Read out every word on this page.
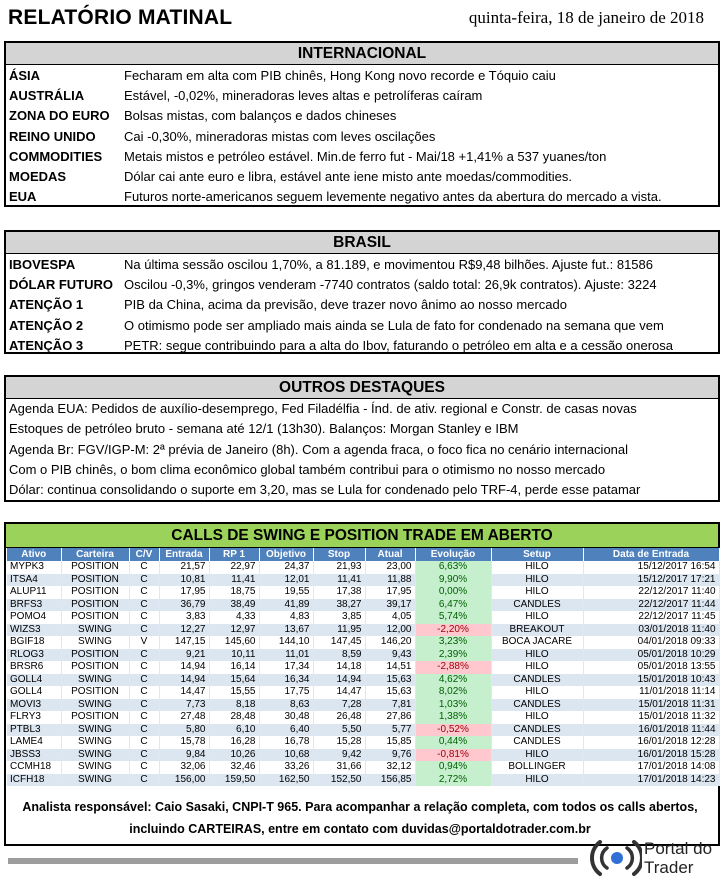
RELATÓRIO MATINAL	quinta-feira, 18 de janeiro de 2018
INTERNACIONAL
ÁSIA	Fecharam em alta com PIB chinês, Hong Kong novo recorde e Tóquio caiu
AUSTRÁLIA	Estável, -0,02%, mineradoras leves altas e petrolíferas caíram
ZONA DO EURO	Bolsas mistas, com balanços e dados chineses
REINO UNIDO	Cai -0,30%, mineradoras mistas com leves oscilações
COMMODITIES	Metais mistos e petróleo estável. Min.de ferro fut - Mai/18 +1,41% a 537 yuanes/ton
MOEDAS	Dólar cai ante euro e libra, estável ante iene misto ante moedas/commodities.
EUA	Futuros norte-americanos seguem levemente negativo antes da abertura do mercado a vista.
BRASIL
IBOVESPA	Na última sessão oscilou 1,70%, a 81.189, e movimentou R$9,48 bilhões. Ajuste fut.: 81586
DÓLAR FUTURO Oscilou -0,3%, gringos venderam -7740 contratos (saldo total: 26,9k contratos). Ajuste: 3224
ATENÇÃO 1	PIB da China, acima da previsão, deve trazer novo ânimo ao nosso mercado
ATENÇÃO 2	O otimismo pode ser ampliado mais ainda se Lula de fato for condenado na semana que vem
ATENÇÃO 3	PETR: segue contribuindo para a alta do Ibov, faturando o petróleo em alta e a cessão onerosa
OUTROS DESTAQUES
Agenda EUA: Pedidos de auxílio-desemprego, Fed Filadélfia - Índ. de ativ. regional e Constr. de casas novas
Estoques de petróleo bruto - semana até 12/1 (13h30). Balanços: Morgan Stanley e IBM
Agenda Br: FGV/IGP-M: 2ª prévia de Janeiro (8h). Com a agenda fraca, o foco fica no cenário internacional
Com o PIB chinês, o bom clima econômico global também contribui para o otimismo no nosso mercado
Dólar: continua consolidando o suporte em 3,20, mas se Lula for condenado pelo TRF-4, perde esse patamar
CALLS DE SWING E POSITION TRADE EM ABERTO
Ativo	Carteira	C/V	Entrada	RP 1	Objetivo	Stop	Atual	Evolução	Setup	Data de Entrada
MYPK3	POSITION	C	21,57	22,97	24,37	21,93	23,00	6,63%	HILO	15/12/2017 16:54
ITSA4	POSITION	C	10,81	11,41	12,01	11,41	11,88	9,90%	HILO	15/12/2017 17:21
ALUP11	POSITION	C	17,95	18,75	19,55	17,38	17,95	0,00%	HILO	22/12/2017 11:40
BRFS3	POSITION	C	36,79	38,49	41,89	38,27	39,17	6,47%	CANDLES	22/12/2017 11:44
POMO4	POSITION	C	3,83	4,33	4,83	3,85	4,05	5,74%	HILO	22/12/2017 11:45
WIZS3	SWING	C	12,27	12,97	13,67	11,95	12,00	-2,20%	BREAKOUT	03/01/2018 11:40
BGIF18	SWING	V	147,15	145,60	144,10	147,45	146,20	3,23%	BOCA JACARÉ	04/01/2018 09:33
RLOG3	POSITION	C	9,21	10,11	11,01	8,59	9,43	2,39%	HILO	05/01/2018 10:29
BRSR6	POSITION	C	14,94	16,14	17,34	14,18	14,51	-2,88%	HILO	05/01/2018 13:55
GOLL4	SWING	C	14,94	15,64	16,34	14,94	15,63	4,62%	CANDLES	15/01/2018 10:43
GOLL4	POSITION	C	14,47	15,55	17,75	14,47	15,63	8,02%	HILO	11/01/2018 11:14
MOVI3	SWING	C	7,73	8,18	8,63	7,28	7,81	1,03%	CANDLES	15/01/2018 11:31
FLRY3	POSITION	C	27,48	28,48	30,48	26,48	27,86	1,38%	HILO	15/01/2018 11:32
PTBL3	SWING	C	5,80	6,10	6,40	5,50	5,77	-0,52%	CANDLES	16/01/2018 11:44
LAME4	SWING	C	15,78	16,28	16,78	15,28	15,85	0,44%	CANDLES	16/01/2018 12:28
JBSS3	SWING	C	9,84	10,26	10,68	9,42	9,76	-0,81%	HILO	16/01/2018 15:28
CCMH18	SWING	C	32,06	32,46	33,26	31,66	32,12	0,94%	BOLLINGER	17/01/2018 14:08
ICFH18	SWING	C	156,00	159,50	162,50	152,50	156,85	2,72%	HILO	17/01/2018 14:23
Analista responsável: Caio Sasaki, CNPI-T 965. Para acompanhar a relação completa, com todos os calls abertos,
incluindo CARTEIRAS, entre em contato com duvidas@portaldotrader.com.br
Portal do
Trader
